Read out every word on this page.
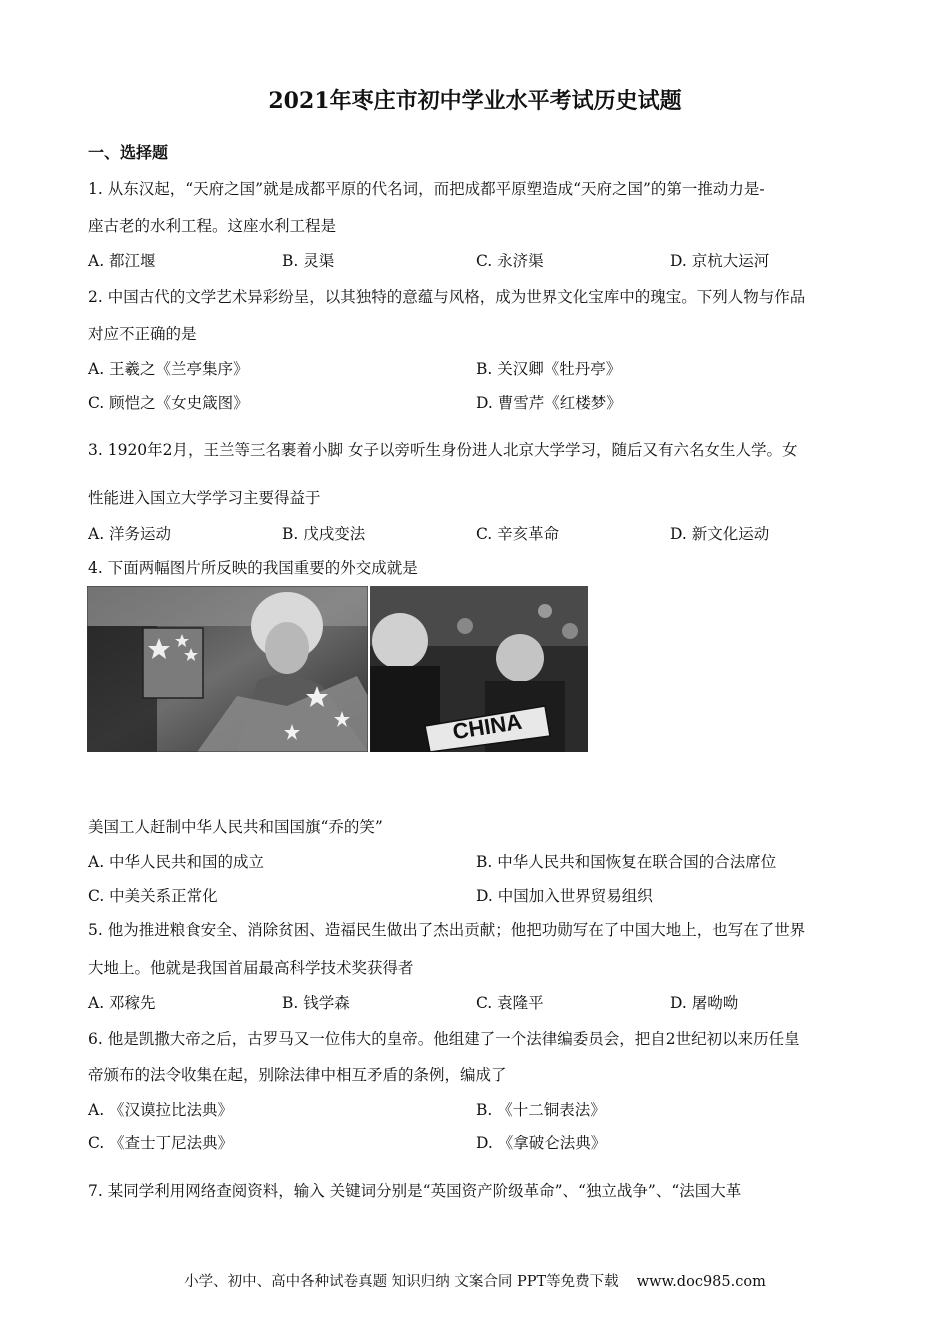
2021年枣庄市初中学业水平考试历史试题
一、选择题
1. 从东汉起，“天府之国”就是成都平原的代名词，而把成都平原塑造成“天府之国”的第一推动力是-
座古老的水利工程。这座水利工程是
A. 都江堰	B. 灵渠	C. 永济渠	D. 京杭大运河
2. 中国古代的文学艺术异彩纷呈，以其独特的意蕴与风格，成为世界文化宝库中的瑰宝。下列人物与作品
对应不正确的是
A. 王羲之《兰亭集序》	B. 关汉卿《牡丹亭》
C. 顾恺之《女史箴图》	D. 曹雪芹《红楼梦》
3. 1920年2月，王兰等三名裹着小脚 女子以旁听生身份进人北京大学学习，随后又有六名女生人学。女
性能进入国立大学学习主要得益于
A. 洋务运动	B. 戊戌变法	C. 辛亥革命	D. 新文化运动
4. 下面两幅图片所反映的我国重要的外交成就是
CHINA
美国工人赶制中华人民共和国国旗“乔的笑”
A. 中华人民共和国的成立	B. 中华人民共和国恢复在联合国的合法席位
C. 中美关系正常化	D. 中国加入世界贸易组织
5. 他为推进粮食安全、消除贫困、造福民生做出了杰出贡献；他把功勋写在了中国大地上，也写在了世界
大地上。他就是我国首届最高科学技术奖获得者
A. 邓稼先	B. 钱学森	C. 袁隆平	D. 屠呦呦
6. 他是凯撒大帝之后，古罗马又一位伟大的皇帝。他组建了一个法律编委员会，把自2世纪初以来历任皇
帝颁布的法令收集在起，别除法律中相互矛盾的条例，编成了
A. 《汉谟拉比法典》	B. 《十二铜表法》
C. 《查士丁尼法典》	D. 《拿破仑法典》
7. 某同学利用网络查阅资料，输入 关键词分别是“英国资产阶级革命”、“独立战争”、“法国大革
小学、初中、高中各种试卷真题 知识归纳 文案合同 PPT等免费下载 www.doc985.com
